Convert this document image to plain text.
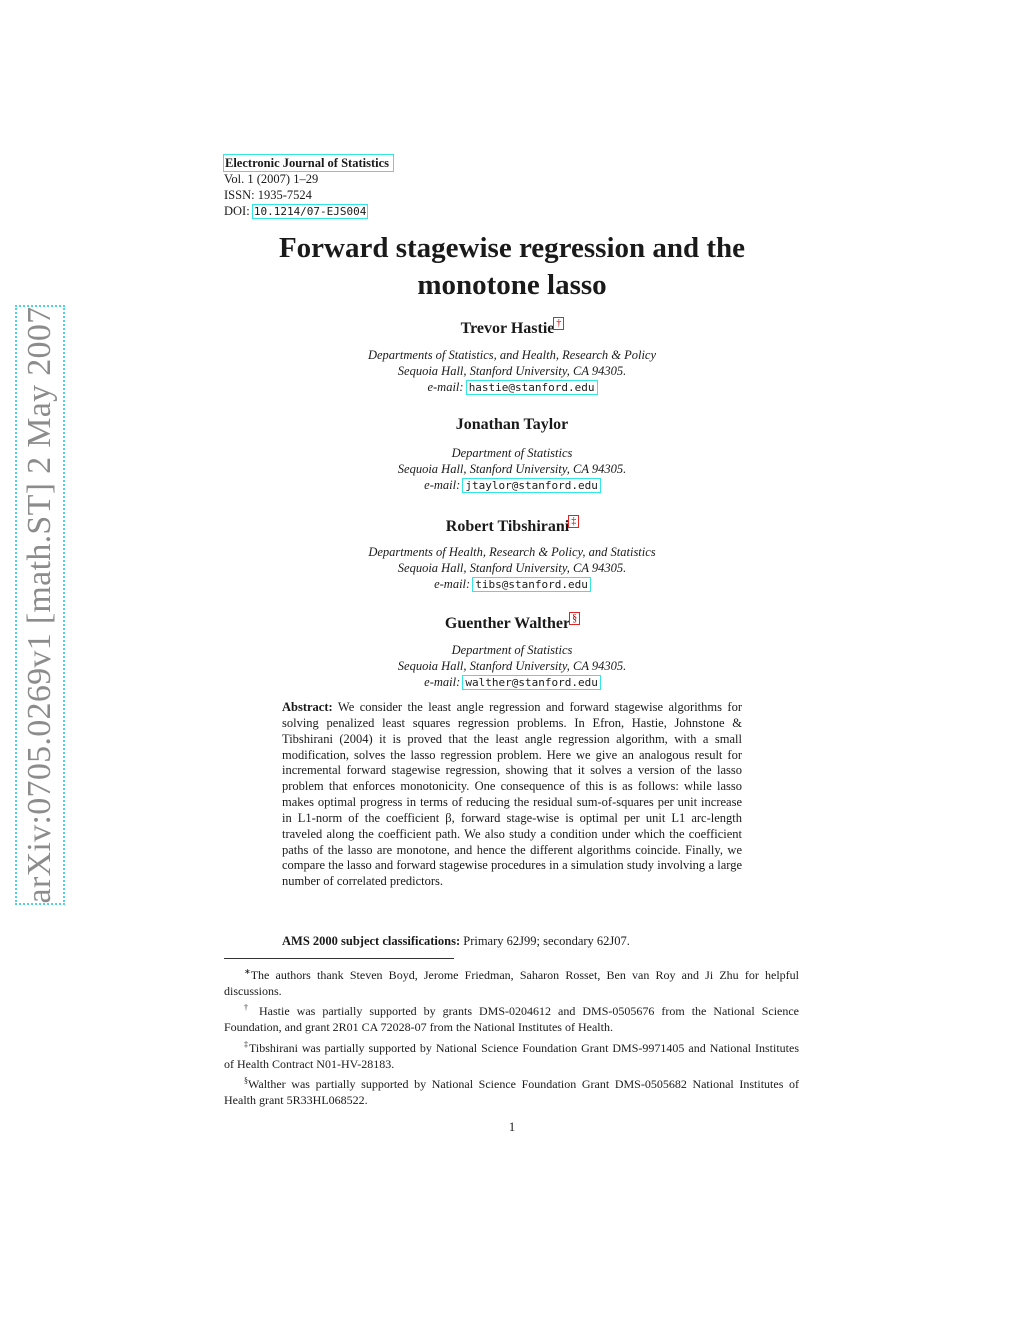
arXiv:0705.0269v1 [math.ST] 2 May 2007
Electronic Journal of Statistics
Vol. 1 (2007) 1–29
ISSN: 1935-7524
DOI: 10.1214/07-EJS004
Forward stagewise regression and the
monotone lasso
Trevor Hastie †
Departments of Statistics, and Health, Research & Policy
Sequoia Hall, Stanford University, CA 94305.
e-mail: hastie@stanford.edu
Jonathan Taylor
Department of Statistics
Sequoia Hall, Stanford University, CA 94305.
e-mail: jtaylor@stanford.edu
Robert Tibshirani ‡
Departments of Health, Research & Policy, and Statistics
Sequoia Hall, Stanford University, CA 94305.
e-mail: tibs@stanford.edu
Guenther Walther §
Department of Statistics
Sequoia Hall, Stanford University, CA 94305.
e-mail: walther@stanford.edu
Abstract: We consider the least angle regression and forward stagewise algorithms for solving penalized least squares regression problems. In Efron, Hastie, Johnstone & Tibshirani (2004) it is proved that the least angle regression algorithm, with a small modification, solves the lasso regression problem. Here we give an analogous result for incremental forward stagewise regression, showing that it solves a version of the lasso problem that enforces monotonicity. One consequence of this is as follows: while lasso makes optimal progress in terms of reducing the residual sum-of-squares per unit increase in L1-norm of the coefficient β, forward stage-wise is optimal per unit L1 arc-length traveled along the coefficient path. We also study a condition under which the coefficient paths of the lasso are monotone, and hence the different algorithms coincide. Finally, we compare the lasso and forward stagewise procedures in a simulation study involving a large number of correlated predictors.
AMS 2000 subject classifications: Primary 62J99; secondary 62J07.

∗The authors thank Steven Boyd, Jerome Friedman, Saharon Rosset, Ben van Roy and Ji Zhu for helpful discussions.

† Hastie was partially supported by grants DMS-0204612 and DMS-0505676 from the National Science Foundation, and grant 2R01 CA 72028-07 from the National Institutes of Health.

‡Tibshirani was partially supported by National Science Foundation Grant DMS-9971405 and National Institutes of Health Contract N01-HV-28183.

§Walther was partially supported by National Science Foundation Grant DMS-0505682 National Institutes of Health grant 5R33HL068522.

1
